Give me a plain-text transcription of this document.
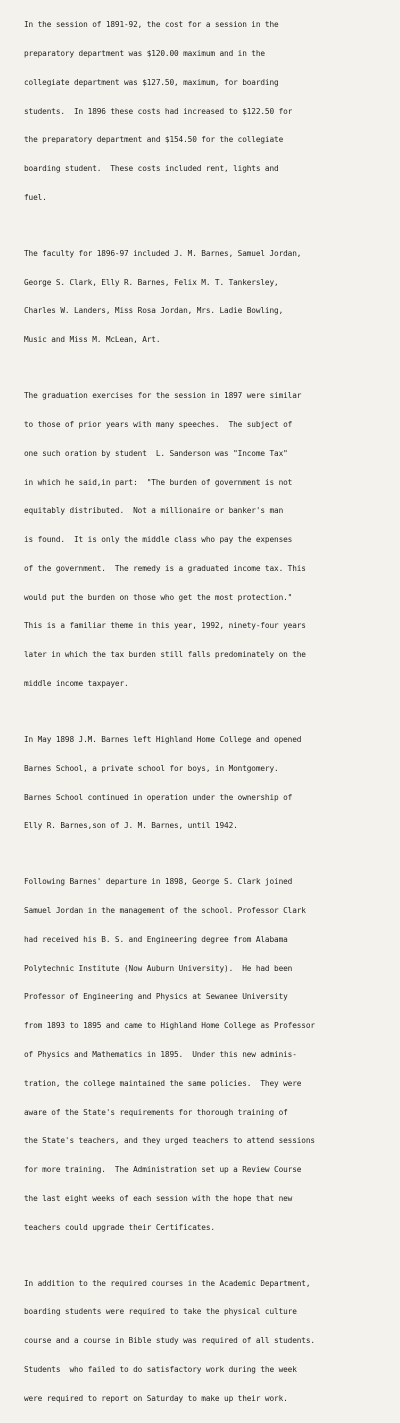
In the session of 1891-92, the cost for a session in the

preparatory department was $120.00 maximum and in the

collegiate department was $127.50, maximum, for boarding

students.  In 1896 these costs had increased to $122.50 for

the preparatory department and $154.50 for the collegiate

boarding student.  These costs included rent, lights and

fuel.

The faculty for 1896-97 included J. M. Barnes, Samuel Jordan,

George S. Clark, Elly R. Barnes, Felix M. T. Tankersley,

Charles W. Landers, Miss Rosa Jordan, Mrs. Ladie Bowling,

Music and Miss M. McLean, Art.

The graduation exercises for the session in 1897 were similar

to those of prior years with many speeches.  The subject of

one such oration by student  L. Sanderson was "Income Tax"

in which he said,in part:  "The burden of government is not

equitably distributed.  Not a millionaire or banker's man

is found.  It is only the middle class who pay the expenses

of the government.  The remedy is a graduated income tax. This

would put the burden on those who get the most protection."

This is a familiar theme in this year, 1992, ninety-four years

later in which the tax burden still falls predominately on the

middle income taxpayer.

In May 1898 J.M. Barnes left Highland Home College and opened

Barnes School, a private school for boys, in Montgomery.

Barnes School continued in operation under the ownership of

Elly R. Barnes,son of J. M. Barnes, until 1942.

Following Barnes' departure in 1898, George S. Clark joined

Samuel Jordan in the management of the school. Professor Clark

had received his B. S. and Engineering degree from Alabama

Polytechnic Institute (Now Auburn University).  He had been

Professor of Engineering and Physics at Sewanee University

from 1893 to 1895 and came to Highland Home College as Professor

of Physics and Mathematics in 1895.  Under this new adminis-

tration, the college maintained the same policies.  They were

aware of the State's requirements for thorough training of

the State's teachers, and they urged teachers to attend sessions

for more training.  The Administration set up a Review Course

the last eight weeks of each session with the hope that new

teachers could upgrade their Certificates.

In addition to the required courses in the Academic Department,

boarding students were required to take the physical culture

course and a course in Bible study was required of all students.

Students  who failed to do satisfactory work during the week

were required to report on Saturday to make up their work.
